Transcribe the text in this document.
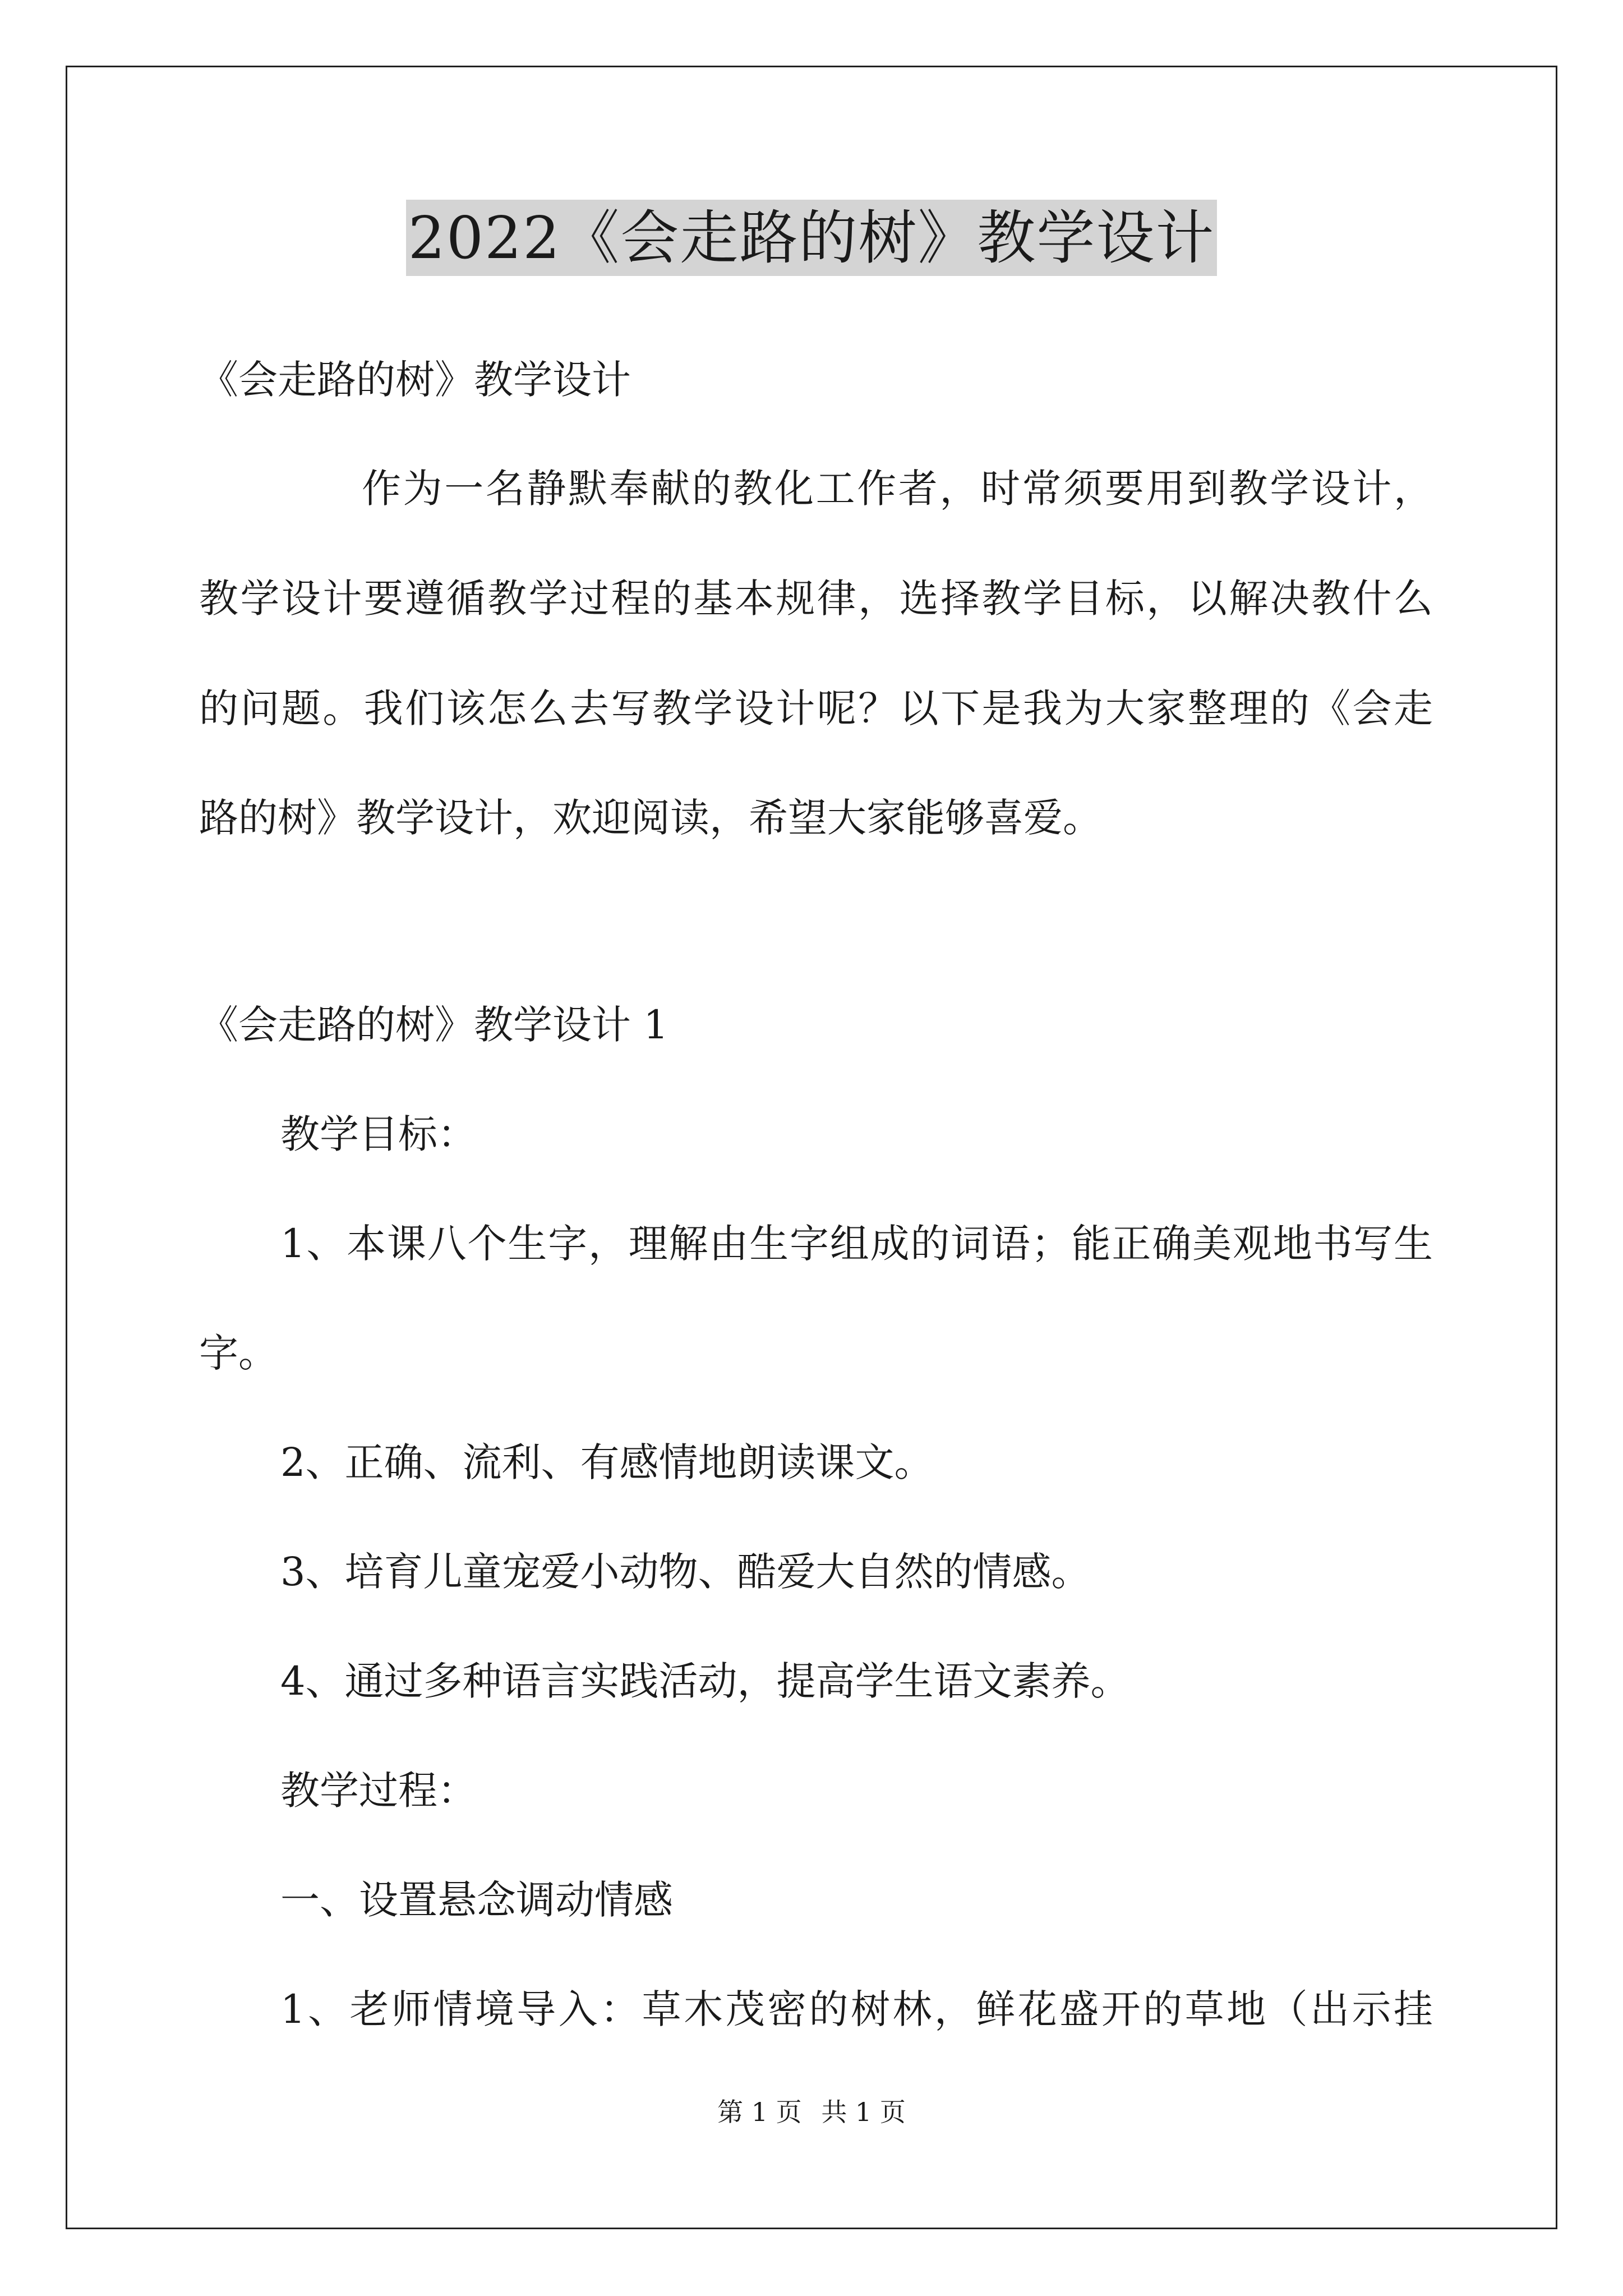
2022《会走路的树》教学设计
《会走路的树》教学设计
作为一名静默奉献的教化工作者，时常须要用到教学设计，
教学设计要遵循教学过程的基本规律，选择教学目标，以解决教什么
的问题。我们该怎么去写教学设计呢？以下是我为大家整理的《会走
路的树》教学设计，欢迎阅读，希望大家能够喜爱。
《会走路的树》教学设计 1
教学目标：
1、本课八个生字，理解由生字组成的词语；能正确美观地书写生
字。
2、正确、流利、有感情地朗读课文。
3、培育儿童宠爱小动物、酷爱大自然的情感。
4、通过多种语言实践活动，提高学生语文素养。
教学过程：
一、设置悬念调动情感
1、老师情境导入：草木茂密的树林，鲜花盛开的草地（出示挂
第 1 页 共 1 页
